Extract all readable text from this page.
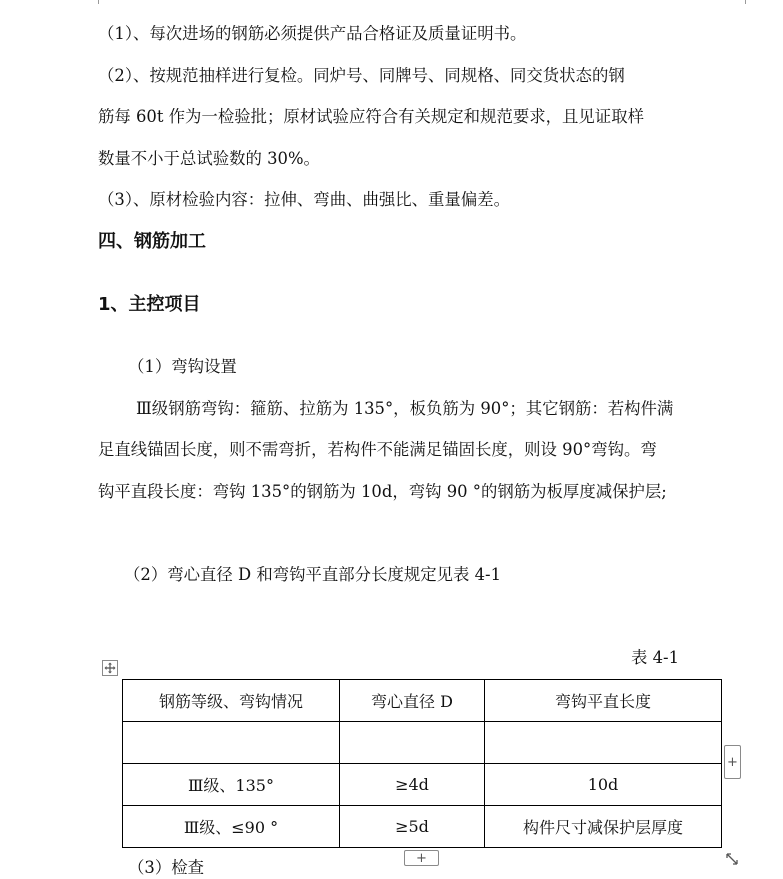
（1）、每次进场的钢筋必须提供产品合格证及质量证明书。
（2）、按规范抽样进行复检。同炉号、同牌号、同规格、同交货状态的钢
筋每 60t 作为一检验批；原材试验应符合有关规定和规范要求，且见证取样
数量不小于总试验数的 30%。
（3）、原材检验内容：拉伸、弯曲、曲强比、重量偏差。
四、钢筋加工
1、主控项目
（1）弯钩设置
Ⅲ级钢筋弯钩：箍筋、拉筋为 135°，板负筋为 90°；其它钢筋：若构件满
足直线锚固长度，则不需弯折，若构件不能满足锚固长度，则设 90°弯钩。弯
钩平直段长度：弯钩 135°的钢筋为 10d，弯钩 90 °的钢筋为板厚度减保护层;
（2）弯心直径 D 和弯钩平直部分长度规定见表 4-1
表 4-1
钢筋等级、弯钩情况	弯心直径 D	弯钩平直长度

Ⅲ级、135°	≥4d	10d
Ⅲ级、≤90 °	≥5d	构件尺寸减保护层厚度
+
+
（3）检查
